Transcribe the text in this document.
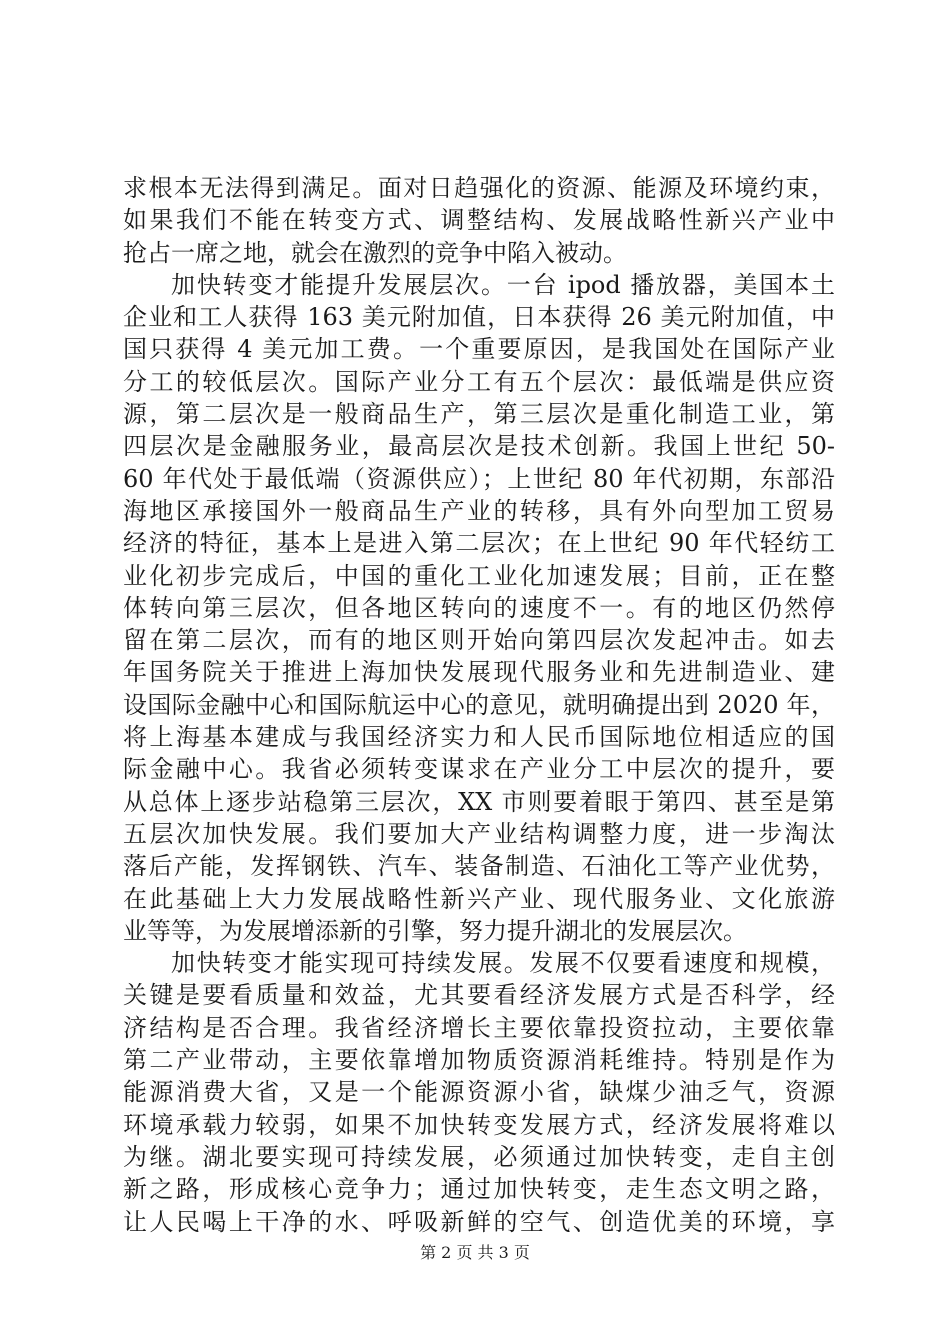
求根本无法得到满足。面对日趋强化的资源、能源及环境约束，
如果我们不能在转变方式、调整结构、发展战略性新兴产业中
抢占一席之地，就会在激烈的竞争中陷入被动。
加快转变才能提升发展层次。一台 ipod 播放器，美国本土
企业和工人获得 163 美元附加值，日本获得 26 美元附加值，中
国只获得 4 美元加工费。一个重要原因，是我国处在国际产业
分工的较低层次。国际产业分工有五个层次：最低端是供应资
源，第二层次是一般商品生产，第三层次是重化制造工业，第
四层次是金融服务业，最高层次是技术创新。我国上世纪 50-
60 年代处于最低端（资源供应）；上世纪 80 年代初期，东部沿
海地区承接国外一般商品生产业的转移，具有外向型加工贸易
经济的特征，基本上是进入第二层次；在上世纪 90 年代轻纺工
业化初步完成后，中国的重化工业化加速发展；目前，正在整
体转向第三层次，但各地区转向的速度不一。有的地区仍然停
留在第二层次，而有的地区则开始向第四层次发起冲击。如去
年国务院关于推进上海加快发展现代服务业和先进制造业、建
设国际金融中心和国际航运中心的意见，就明确提出到 2020 年，
将上海基本建成与我国经济实力和人民币国际地位相适应的国
际金融中心。我省必须转变谋求在产业分工中层次的提升，要
从总体上逐步站稳第三层次，XX 市则要着眼于第四、甚至是第
五层次加快发展。我们要加大产业结构调整力度，进一步淘汰
落后产能，发挥钢铁、汽车、装备制造、石油化工等产业优势，
在此基础上大力发展战略性新兴产业、现代服务业、文化旅游
业等等，为发展增添新的引擎，努力提升湖北的发展层次。
加快转变才能实现可持续发展。发展不仅要看速度和规模，
关键是要看质量和效益，尤其要看经济发展方式是否科学，经
济结构是否合理。我省经济增长主要依靠投资拉动，主要依靠
第二产业带动，主要依靠增加物质资源消耗维持。特别是作为
能源消费大省，又是一个能源资源小省，缺煤少油乏气，资源
环境承载力较弱，如果不加快转变发展方式，经济发展将难以
为继。湖北要实现可持续发展，必须通过加快转变，走自主创
新之路，形成核心竞争力；通过加快转变，走生态文明之路，
让人民喝上干净的水、呼吸新鲜的空气、创造优美的环境，享
第 2 页 共 3 页
